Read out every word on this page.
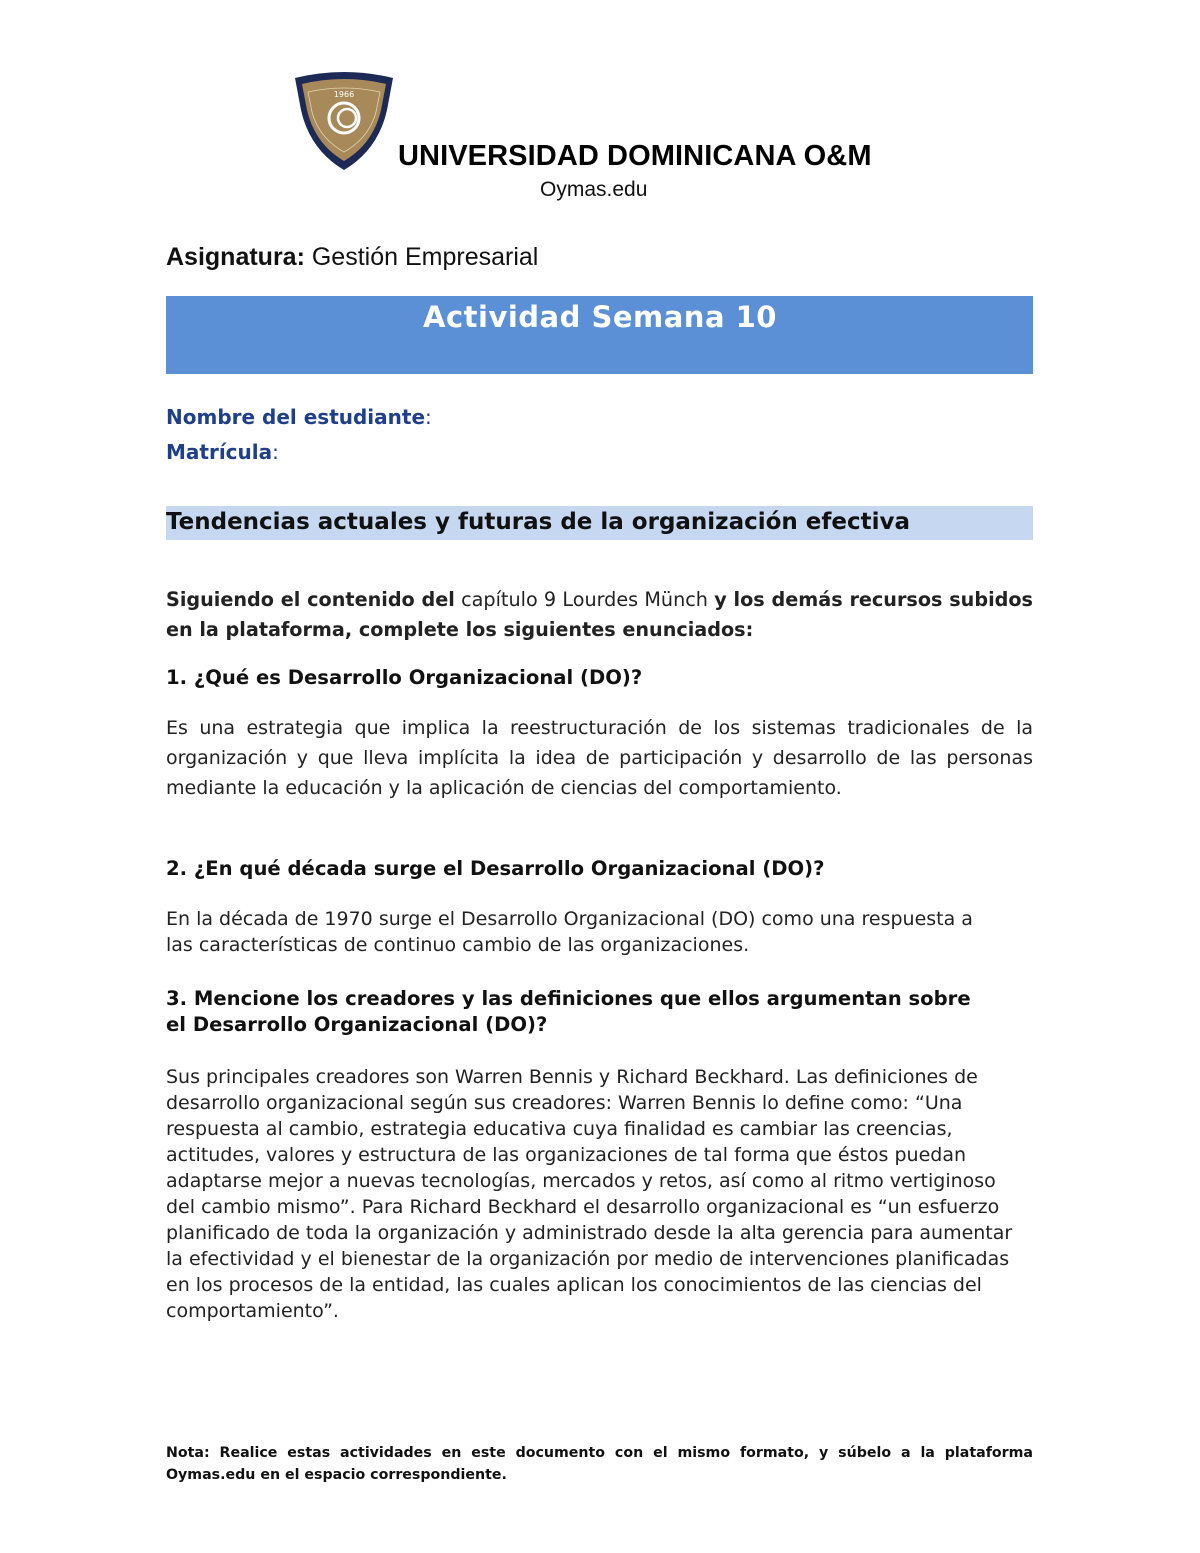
1966
UNIVERSIDAD DOMINICANA O&M
Oymas.edu
Asignatura: Gestión Empresarial
Actividad Semana 10
Nombre del estudiante:
Matrícula:
Tendencias actuales y futuras de la organización efectiva
Siguiendo el contenido del capítulo 9 Lourdes Münch y los demás recursos subidos en la plataforma, complete los siguientes enunciados:
1. ¿Qué es Desarrollo Organizacional (DO)?
Es una estrategia que implica la reestructuración de los sistemas tradicionales de la organización y que lleva implícita la idea de participación y desarrollo de las personas mediante la educación y la aplicación de ciencias del comportamiento.
2. ¿En qué década surge el Desarrollo Organizacional (DO)?
En la década de 1970 surge el Desarrollo Organizacional (DO) como una respuesta a las características de continuo cambio de las organizaciones.
3. Mencione los creadores y las definiciones que ellos argumentan sobre el Desarrollo Organizacional (DO)?
Sus principales creadores son Warren Bennis y Richard Beckhard. Las definiciones de desarrollo organizacional según sus creadores: Warren Bennis lo define como: “Una respuesta al cambio, estrategia educativa cuya finalidad es cambiar las creencias, actitudes, valores y estructura de las organizaciones de tal forma que éstos puedan adaptarse mejor a nuevas tecnologías, mercados y retos, así como al ritmo vertiginoso del cambio mismo”. Para Richard Beckhard el desarrollo organizacional es “un esfuerzo planificado de toda la organización y administrado desde la alta gerencia para aumentar la efectividad y el bienestar de la organización por medio de intervenciones planificadas en los procesos de la entidad, las cuales aplican los conocimientos de las ciencias del comportamiento”.
Nota: Realice estas actividades en este documento con el mismo formato, y súbelo a la plataforma Oymas.edu en el espacio correspondiente.
